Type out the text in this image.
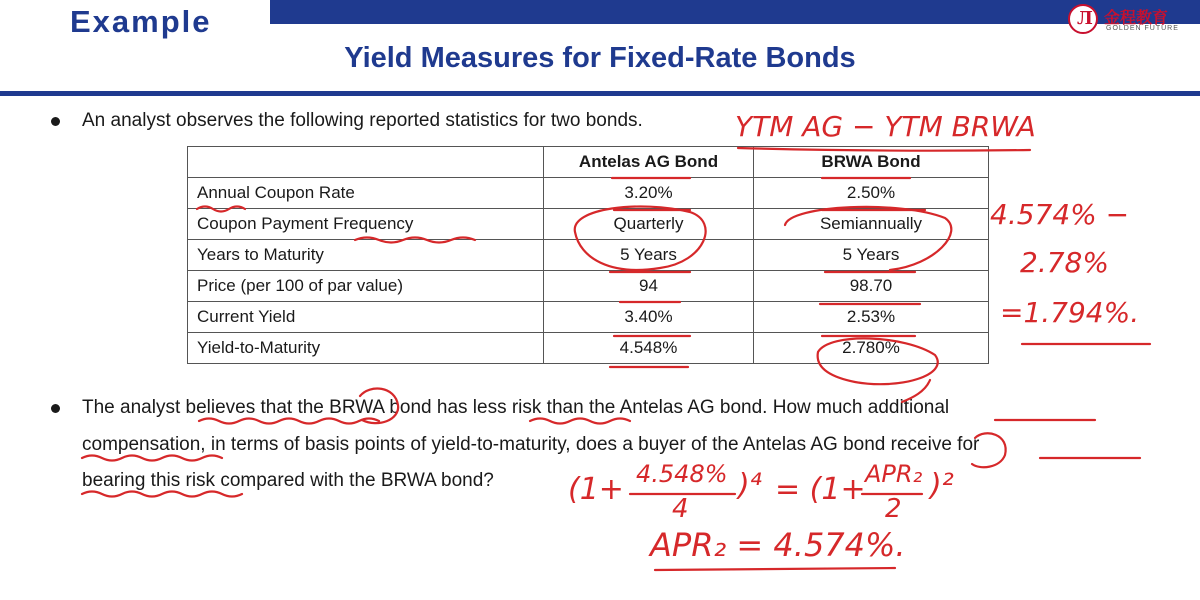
Example	Л 金程教育
GOLDEN FUTURE
Yield Measures for Fixed-Rate Bonds
An analyst observes the following reported statistics for two bonds.
	Antelas AG Bond	BRWA Bond
Annual Coupon Rate	3.20%	2.50%
Coupon Payment Frequency	Quarterly	Semiannually
Years to Maturity	5 Years	5 Years
Price (per 100 of par value)	94	98.70
Current Yield	3.40%	2.53%
Yield-to-Maturity	4.548%	2.780%
The analyst believes that the BRWA bond has less risk than the Antelas AG bond. How much additional
compensation, in terms of basis points of yield-to-maturity, does a buyer of the Antelas AG bond receive for
bearing this risk compared with the BRWA bond?
YTM AG − YTM BRWA
4.574% −
2.78%
=1.794%.
(1+ 4.548%
4
)⁴ = (1+ APR₂
2
)²
APR₂ = 4.574%.
